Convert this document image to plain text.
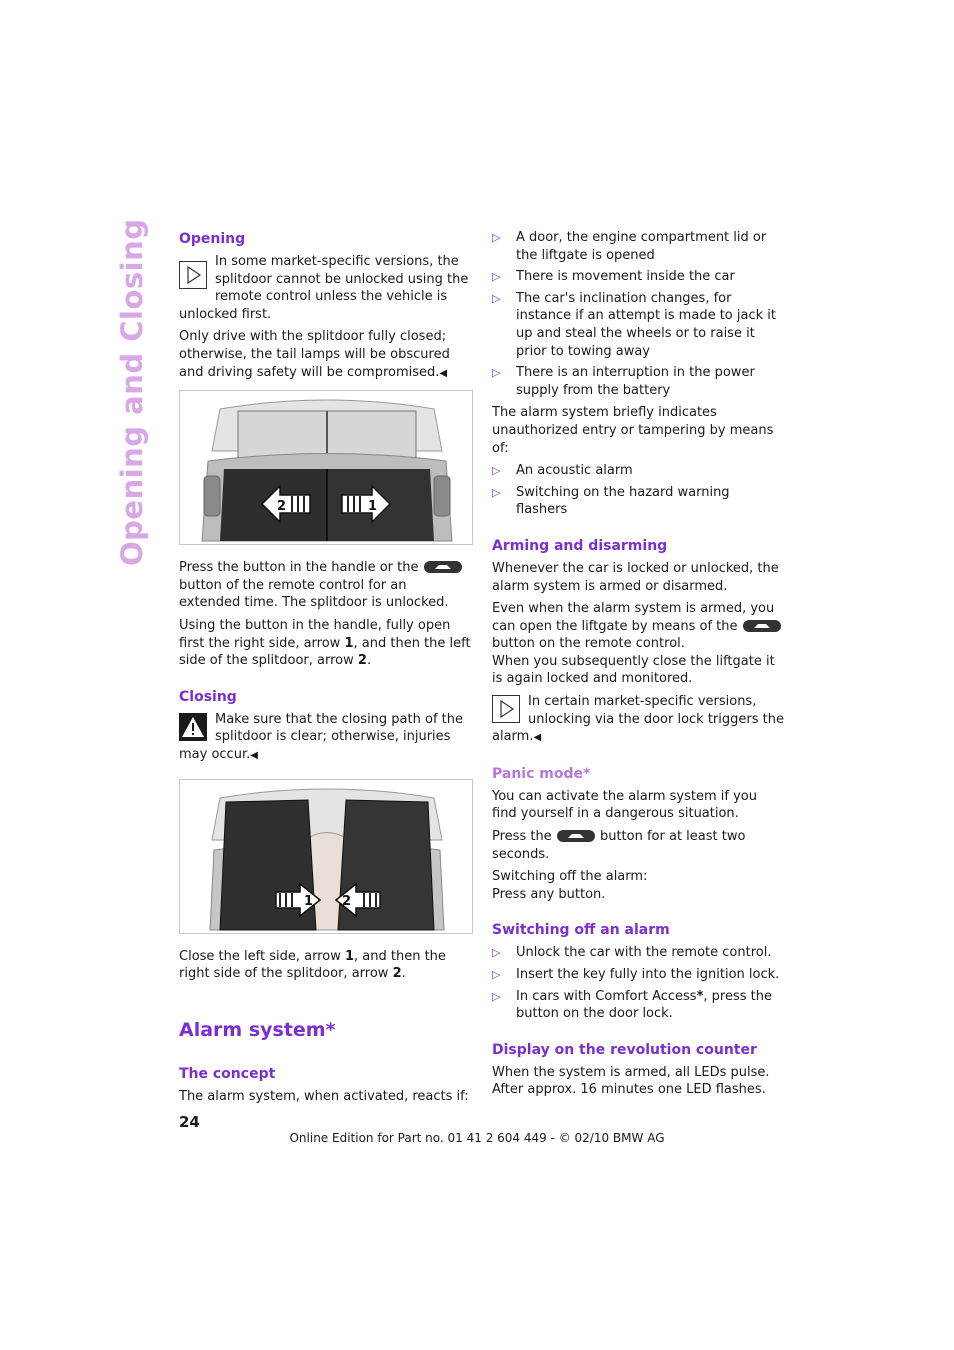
Opening and Closing Opening
In some market-specific versions, the splitdoor cannot be unlocked using the remote control unless the vehicle is unlocked first.

Only drive with the splitdoor fully closed; otherwise, the tail lamps will be obscured and driving safety will be compromised.◀

2	1

Press the button in the handle or the  button of the remote control for an extended time. The splitdoor is unlocked.

Using the button in the handle, fully open first the right side, arrow 1, and then the left side of the splitdoor, arrow 2.

Closing
Make sure that the closing path of the splitdoor is clear; otherwise, injuries may occur.◀
1 2

Close the left side, arrow 1, and then the right side of the splitdoor, arrow 2.

Alarm system*
The concept

The alarm system, when activated, reacts if:

▷ A door, the engine compartment lid or the liftgate is opened
▷ There is movement inside the car
▷ The car's inclination changes, for instance if an attempt is made to jack it up and steal the wheels or to raise it prior to towing away
▷ There is an interruption in the power supply from the battery

The alarm system briefly indicates unauthorized entry or tampering by means of:

▷ An acoustic alarm
▷ Switching on the hazard warning flashers
Arming and disarming

Whenever the car is locked or unlocked, the alarm system is armed or disarmed.

Even when the alarm system is armed, you can open the liftgate by means of the  button on the remote control.

When you subsequently close the liftgate it is again locked and monitored.

In certain market-specific versions, unlocking via the door lock triggers the alarm.◀
Panic mode*

You can activate the alarm system if you find yourself in a dangerous situation.

Press the	button for at least two seconds.

Switching off the alarm:

Press any button.

Switching off an alarm
▷ Unlock the car with the remote control.
▷ Insert the key fully into the ignition lock.
▷ In cars with Comfort Access*, press the button on the door lock.
Display on the revolution counter

When the system is armed, all LEDs pulse. After approx. 16 minutes one LED flashes.

24
Online Edition for Part no. 01 41 2 604 449 - © 02/10 BMW AG
